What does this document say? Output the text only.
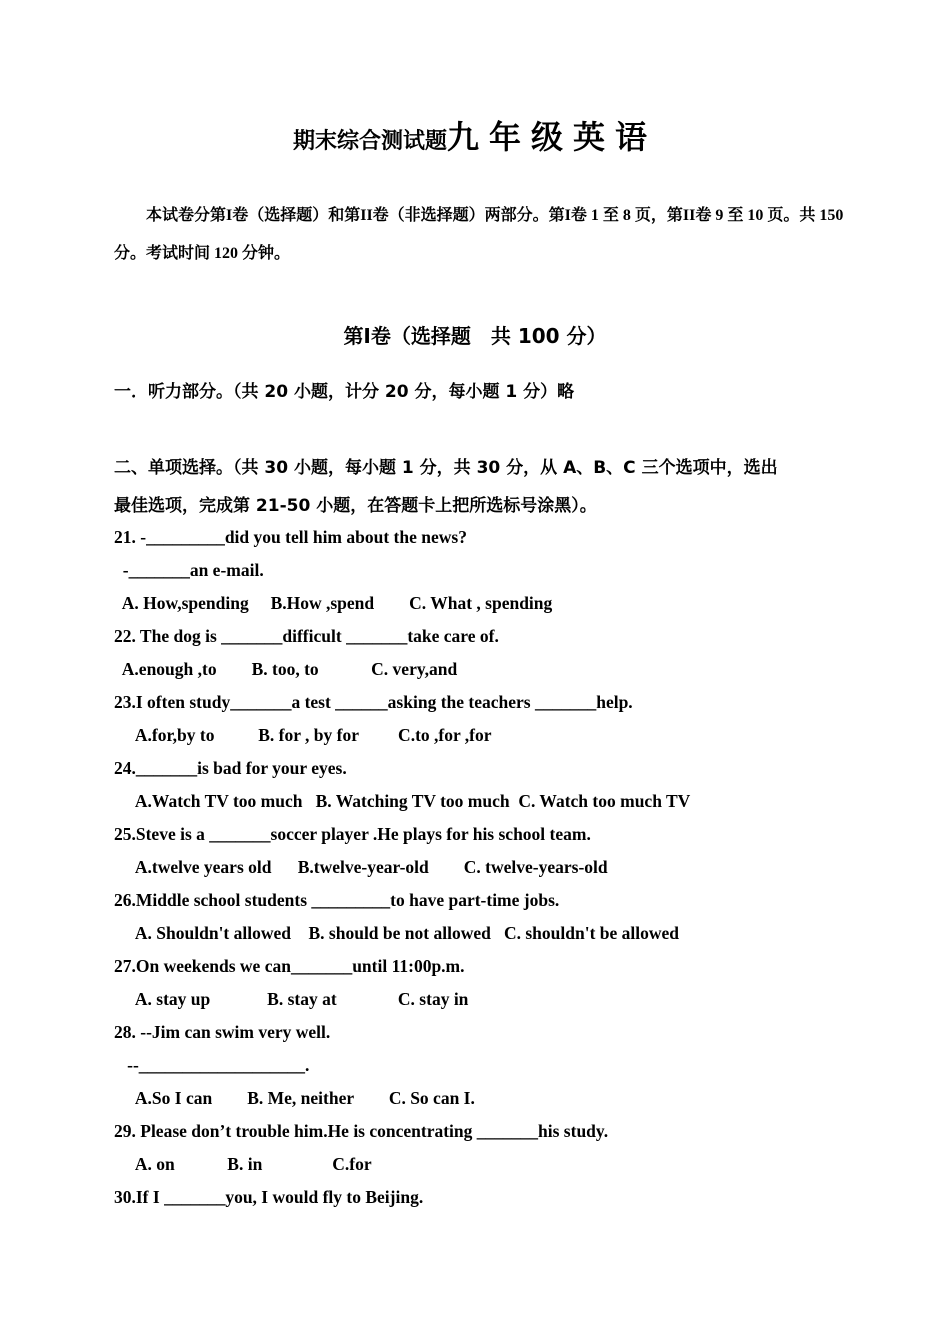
期末综合测试题九年级英语
本试卷分第I卷（选择题）和第II卷（非选择题）两部分。第I卷 1 至 8 页，第II卷 9 至 10 页。共 150 分。考试时间 120 分钟。
第Ⅰ卷（选择题　共 100 分）
一．听力部分。（共 20 小题，计分 20 分，每小题 1 分）略
二、单项选择。（共 30 小题，每小题 1 分，共 30 分，从 A、B、C 三个选项中，选出
最佳选项，完成第 21-50 小题，在答题卡上把所选标号涂黑）。
21. -_________did you tell him about the news?
-_______an e-mail.
A. How,spending     B.How ,spend        C. What , spending
22. The dog is _______difficult _______take care of.
A.enough ,to        B. too, to            C. very,and
23.I often study_______a test ______asking the teachers _______help.
A.for,by to          B. for , by for         C.to ,for ,for
24._______is bad for your eyes.
A.Watch TV too much   B. Watching TV too much  C. Watch too much TV
25.Steve is a _______soccer player .He plays for his school team.
A.twelve years old      B.twelve-year-old        C. twelve-years-old
26.Middle school students _________to have part-time jobs.
A. Shouldn't allowed    B. should be not allowed   C. shouldn't be allowed
27.On weekends we can_______until 11:00p.m.
A. stay up             B. stay at              C. stay in
28. --Jim can swim very well.
--___________________.
A.So I can        B. Me, neither        C. So can I.
29. Please don’t trouble him.He is concentrating _______his study.
A. on            B. in                C.for
30.If I _______you, I would fly to Beijing.
